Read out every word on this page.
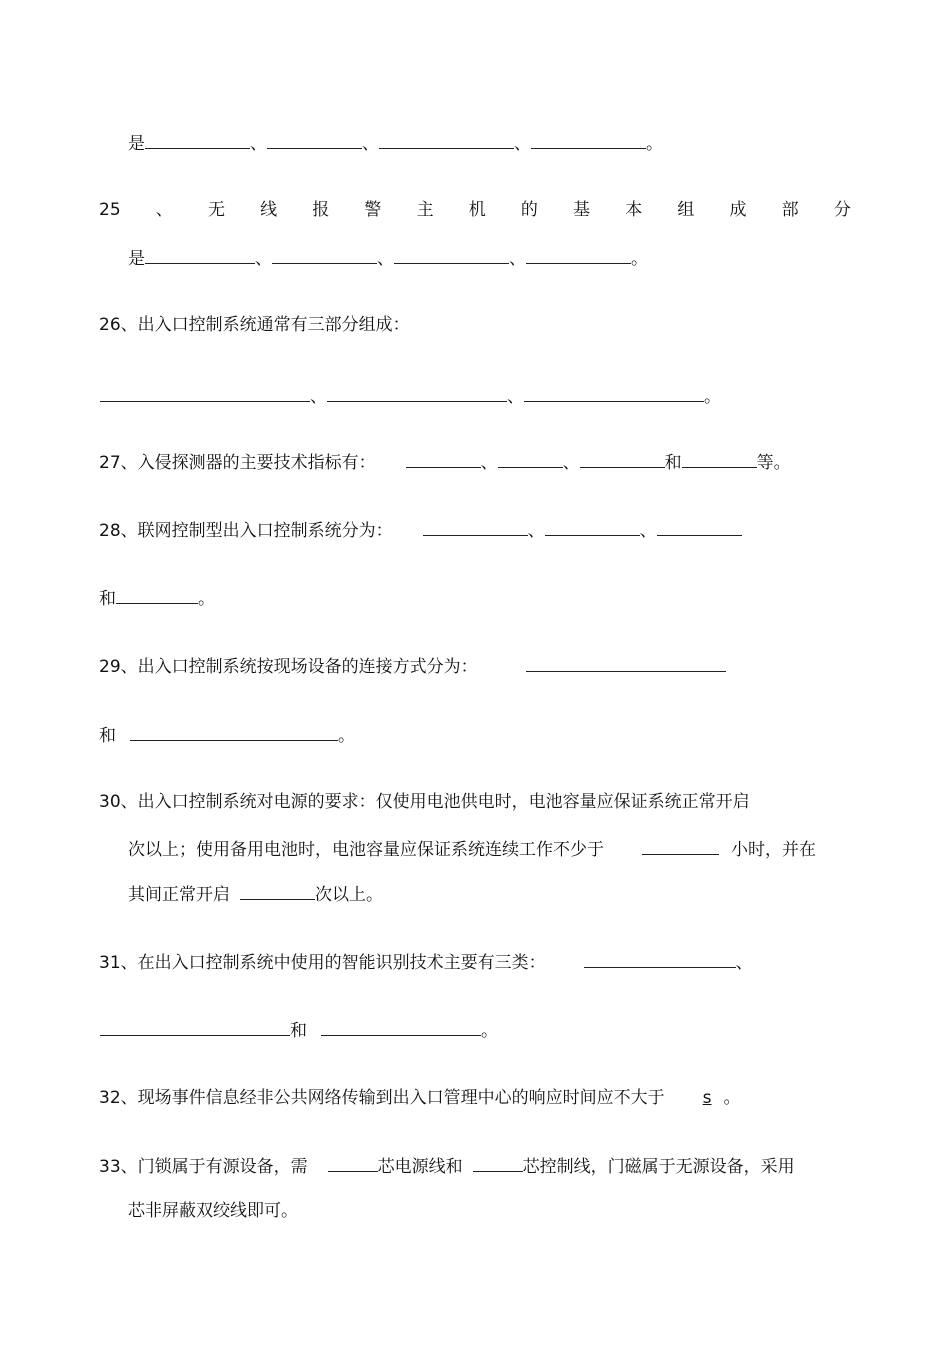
是	、	、	、	。
25 、 无 线 报 警 主 机 的 基 本 组 成 部 分
是	、	、	、	。
26、出入口控制系统通常有三部分组成：
、	、	。
27、入侵探测器的主要技术指标有：	、	、	和	等。
28、联网控制型出入口控制系统分为：	、	、
和	。
29、出入口控制系统按现场设备的连接方式分为：
和	。
30、出入口控制系统对电源的要求：仅使用电池供电时，电池容量应保证系统正常开启
次以上；使用备用电池时，电池容量应保证系统连续工作不少于	小时，并在
其间正常开启	次以上。
31、在出入口控制系统中使用的智能识别技术主要有三类：	、
和	。
32、现场事件信息经非公共网络传输到出入口管理中心的响应时间应不大于 s 。
33、门锁属于有源设备，需	芯电源线和	芯控制线，门磁属于无源设备，采用
芯非屏蔽双绞线即可。
